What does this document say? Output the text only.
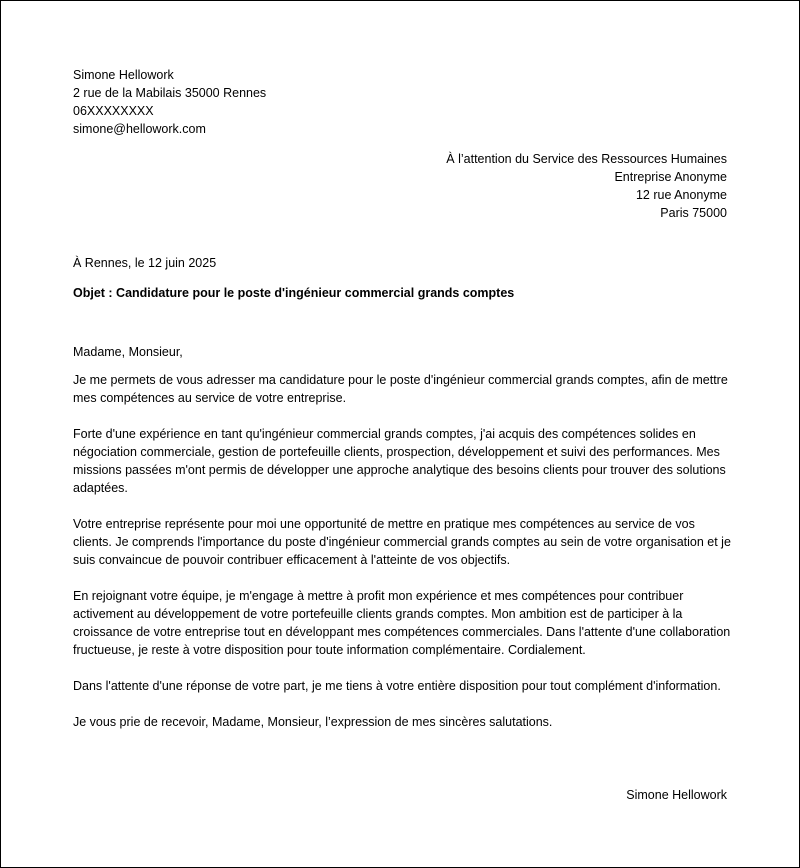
Simone Hellowork
2 rue de la Mabilais 35000 Rennes
06XXXXXXXX
simone@hellowork.com
À l’attention du Service des Ressources Humaines
Entreprise Anonyme
12 rue Anonyme
Paris 75000
À Rennes, le 12 juin 2025
Objet : Candidature pour le poste d'ingénieur commercial grands comptes

Madame, Monsieur,

Je me permets de vous adresser ma candidature pour le poste d'ingénieur commercial grands comptes, afin de mettre mes compétences au service de votre entreprise.

Forte d'une expérience en tant qu'ingénieur commercial grands comptes, j'ai acquis des compétences solides en négociation commerciale, gestion de portefeuille clients, prospection, développement et suivi des performances. Mes missions passées m'ont permis de développer une approche analytique des besoins clients pour trouver des solutions adaptées.

Votre entreprise représente pour moi une opportunité de mettre en pratique mes compétences au service de vos clients. Je comprends l'importance du poste d'ingénieur commercial grands comptes au sein de votre organisation et je suis convaincue de pouvoir contribuer efficacement à l'atteinte de vos objectifs.

En rejoignant votre équipe, je m'engage à mettre à profit mon expérience et mes compétences pour contribuer activement au développement de votre portefeuille clients grands comptes. Mon ambition est de participer à la croissance de votre entreprise tout en développant mes compétences commerciales. Dans l'attente d'une collaboration fructueuse, je reste à votre disposition pour toute information complémentaire. Cordialement.

Dans l'attente d'une réponse de votre part, je me tiens à votre entière disposition pour tout complément d'information.

Je vous prie de recevoir, Madame, Monsieur, l’expression de mes sincères salutations.

Simone Hellowork
